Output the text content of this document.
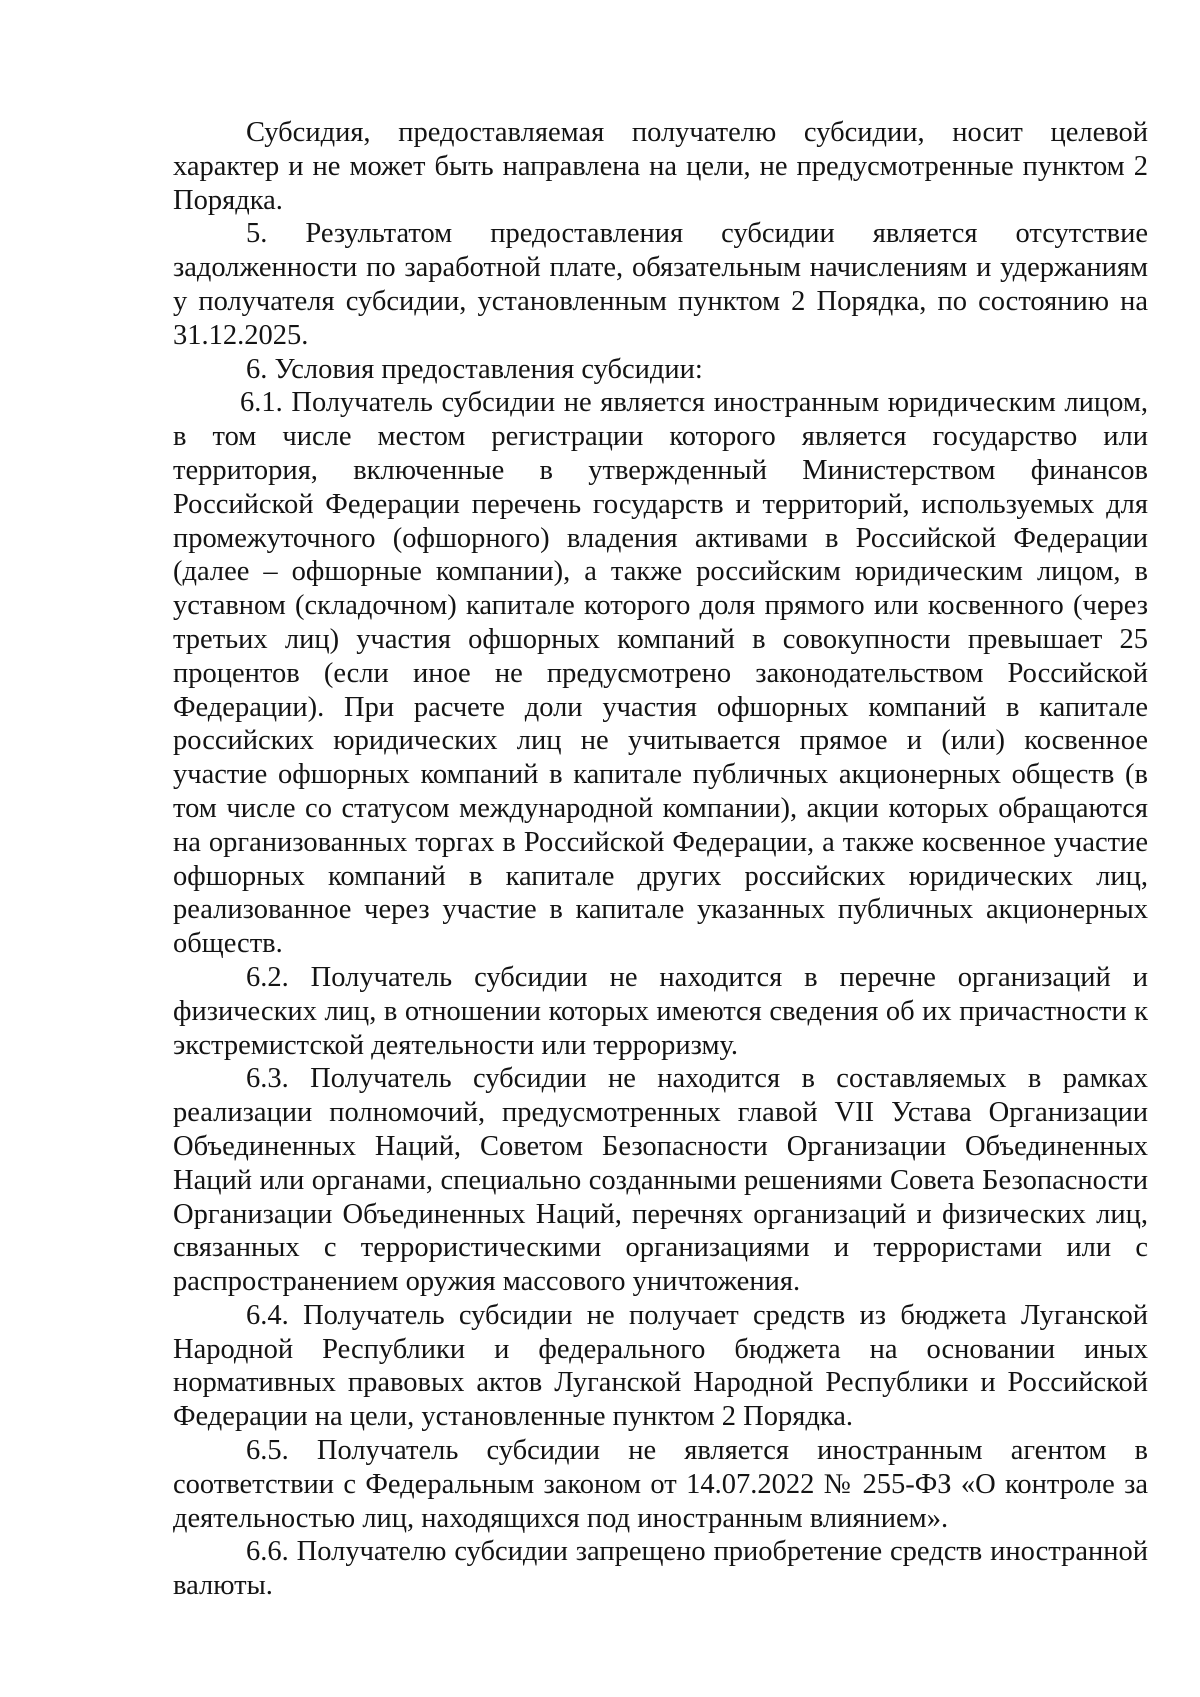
Субсидия, предоставляемая получателю субсидии, носит целевой характер и не может быть направлена на цели, не предусмотренные пунктом 2 Порядка.

5. Результатом предоставления субсидии является отсутствие задолженности по заработной плате, обязательным начислениям и удержаниям у получателя субсидии, установленным пунктом 2 Порядка, по состоянию на 31.12.2025.

6. Условия предоставления субсидии:

6.1. Получатель субсидии не является иностранным юридическим лицом, в том числе местом регистрации которого является государство или территория, включенные в утвержденный Министерством финансов Российской Федерации перечень государств и территорий, используемых для промежуточного (офшорного) владения активами в Российской Федерации (далее – офшорные компании), а также российским юридическим лицом, в уставном (складочном) капитале которого доля прямого или косвенного (через третьих лиц) участия офшорных компаний в совокупности превышает 25 процентов (если иное не предусмотрено законодательством Российской Федерации). При расчете доли участия офшорных компаний в капитале российских юридических лиц не учитывается прямое и (или) косвенное участие офшорных компаний в капитале публичных акционерных обществ (в том числе со статусом международной компании), акции которых обращаются на организованных торгах в Российской Федерации, а также косвенное участие офшорных компаний в капитале других российских юридических лиц, реализованное через участие в капитале указанных публичных акционерных обществ.

6.2. Получатель субсидии не находится в перечне организаций и физических лиц, в отношении которых имеются сведения об их причастности к экстремистской деятельности или терроризму.

6.3. Получатель субсидии не находится в составляемых в рамках реализации полномочий, предусмотренных главой VII Устава Организации Объединенных Наций, Советом Безопасности Организации Объединенных Наций или органами, специально созданными решениями Совета Безопасности Организации Объединенных Наций, перечнях организаций и физических лиц, связанных с террористическими организациями и террористами или с распространением оружия массового уничтожения.

6.4. Получатель субсидии не получает средств из бюджета Луганской Народной Республики и федерального бюджета на основании иных нормативных правовых актов Луганской Народной Республики и Российской Федерации на цели, установленные пунктом 2 Порядка.

6.5. Получатель субсидии не является иностранным агентом в соответствии с Федеральным законом от 14.07.2022 № 255-ФЗ «О контроле за деятельностью лиц, находящихся под иностранным влиянием».

6.6. Получателю субсидии запрещено приобретение средств иностранной валюты.
